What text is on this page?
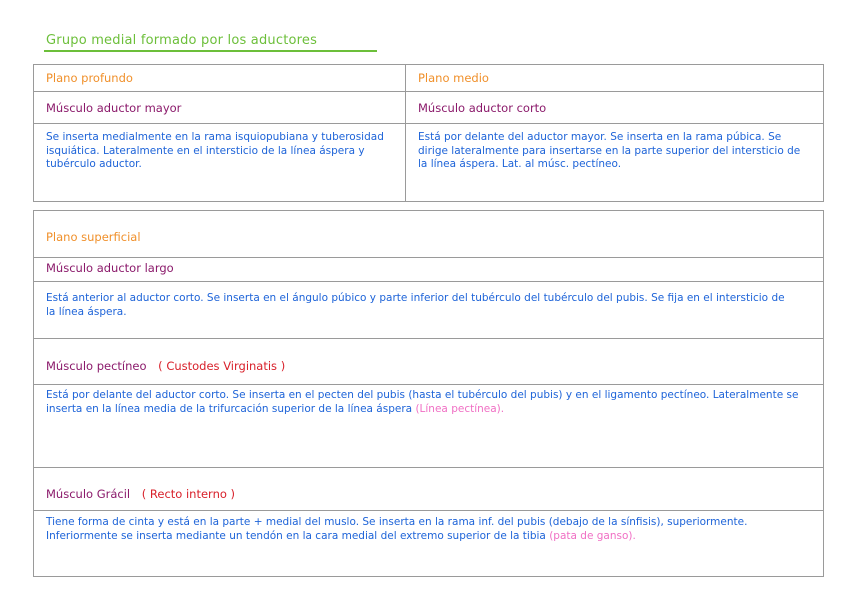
Grupo medial formado por los aductores
Plano profundo
Músculo aductor mayor
Se inserta medialmente en la rama isquiopubiana y tuberosidad isquiática. Lateralmente en el intersticio de la línea áspera y tubérculo aductor.
Plano medio
Músculo aductor corto
Está por delante del aductor mayor. Se inserta en la rama púbica. Se dirige lateralmente para insertarse en la parte superior del intersticio de la línea áspera. Lat. al músc. pectíneo.
Plano superficial
Músculo aductor largo
Está anterior al aductor corto. Se inserta en el ángulo púbico y parte inferior del tubérculo del tubérculo del pubis. Se fija en el intersticio de la línea áspera.
Músculo pectíneo ( Custodes Virginatis )
Está por delante del aductor corto. Se inserta en el pecten del pubis (hasta el tubérculo del pubis) y en el ligamento pectíneo. Lateralmente se inserta en la línea media de la trifurcación superior de la línea áspera (Línea pectínea).
Músculo Grácil ( Recto interno )
Tiene forma de cinta y está en la parte + medial del muslo. Se inserta en la rama inf. del pubis (debajo de la sínfisis), superiormente. Inferiormente se inserta mediante un tendón en la cara medial del extremo superior de la tibia (pata de ganso).
